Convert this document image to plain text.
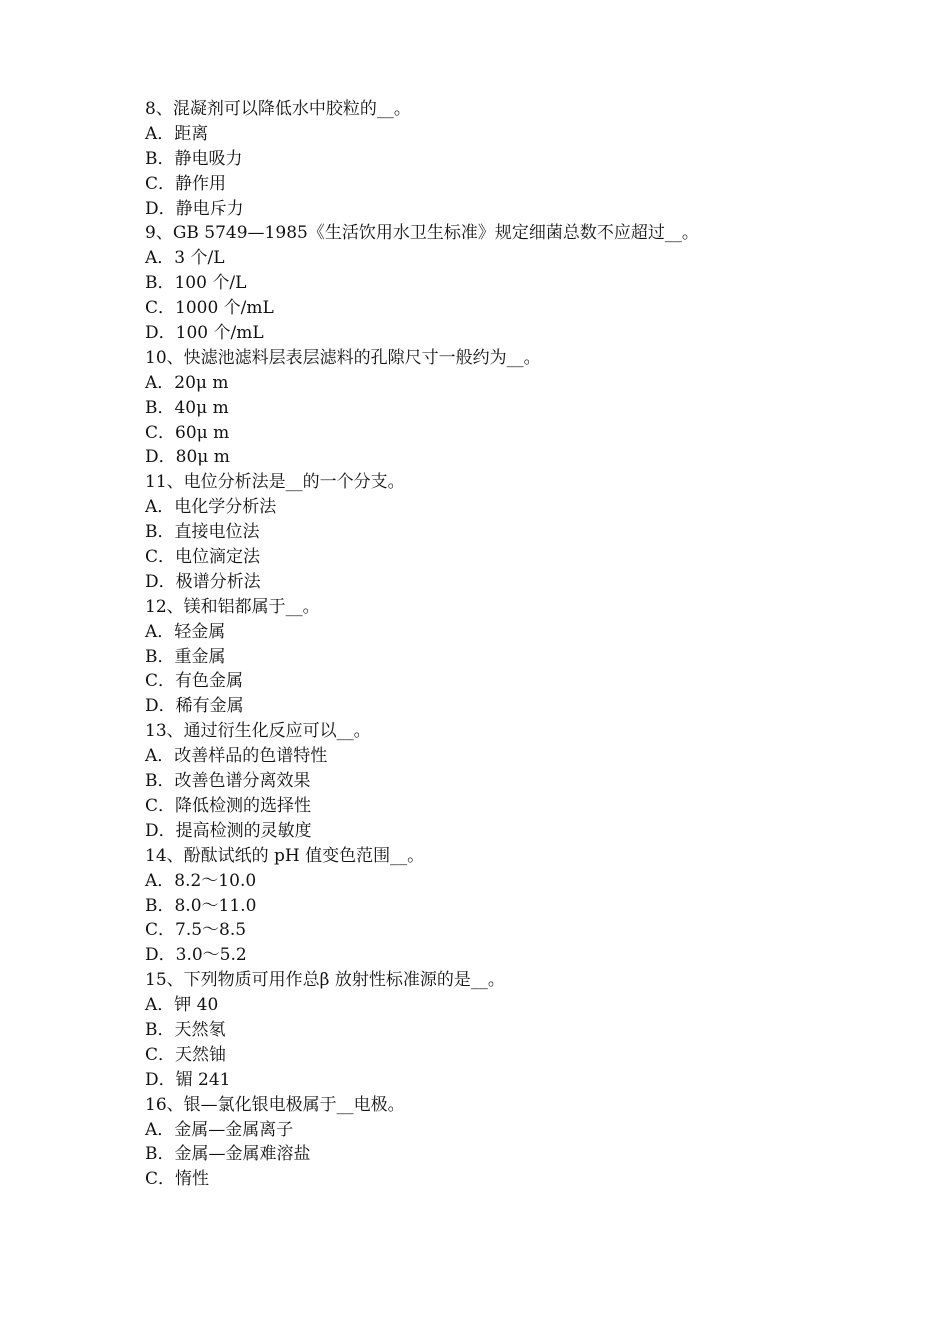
8、混凝剂可以降低水中胶粒的__。
A．距离
B．静电吸力
C．静作用
D．静电斥力
9、GB 5749—1985《生活饮用水卫生标准》规定细菌总数不应超过__。
A．3 个/L
B．100 个/L
C．1000 个/mL
D．100 个/mL
10、快滤池滤料层表层滤料的孔隙尺寸一般约为__。
A．20μ m
B．40μ m
C．60μ m
D．80μ m
11、电位分析法是__的一个分支。
A．电化学分析法
B．直接电位法
C．电位滴定法
D．极谱分析法
12、镁和铝都属于__。
A．轻金属
B．重金属
C．有色金属
D．稀有金属
13、通过衍生化反应可以__。
A．改善样品的色谱特性
B．改善色谱分离效果
C．降低检测的选择性
D．提高检测的灵敏度
14、酚酞试纸的 pH 值变色范围__。
A．8.2～10.0
B．8.0～11.0
C．7.5～8.5
D．3.0～5.2
15、下列物质可用作总β 放射性标准源的是__。
A．钾 40
B．天然氡
C．天然铀
D．镅 241
16、银—氯化银电极属于__电极。
A．金属—金属离子
B．金属—金属难溶盐
C．惰性
